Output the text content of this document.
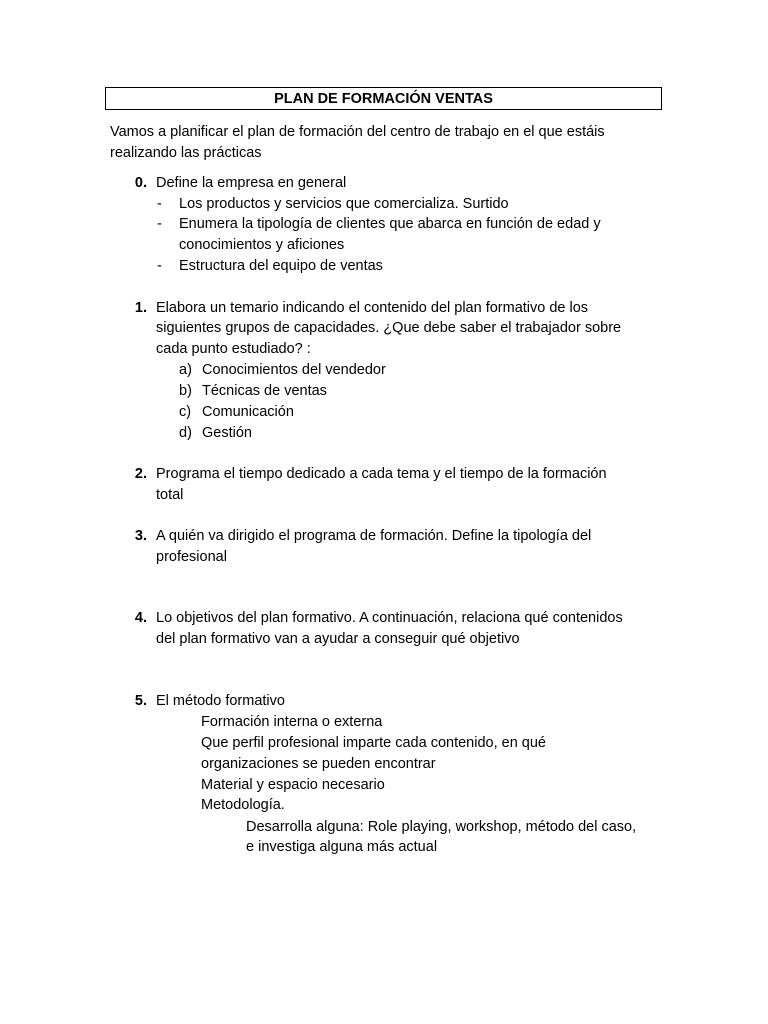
PLAN DE FORMACIÓN VENTAS
Vamos a planificar el plan de formación del centro de trabajo en el que estáis
realizando las prácticas
0. Define la empresa en general
- Los productos y servicios que comercializa. Surtido
- Enumera la tipología de clientes que abarca en función de edad y
conocimientos y aficiones
- Estructura del equipo de ventas
1. Elabora un temario indicando el contenido del plan formativo de los
siguientes grupos de capacidades. ¿Que debe saber el trabajador sobre
cada punto estudiado? :
a) Conocimientos del vendedor
b) Técnicas de ventas
c) Comunicación
d) Gestión
2. Programa el tiempo dedicado a cada tema y el tiempo de la formación
total
3. A quién va dirigido el programa de formación. Define la tipología del
profesional
4. Lo objetivos del plan formativo. A continuación, relaciona qué contenidos
del plan formativo van a ayudar a conseguir qué objetivo
5. El método formativo
Formación interna o externa
Que perfil profesional imparte cada contenido, en qué
organizaciones se pueden encontrar
Material y espacio necesario
Metodología.
Desarrolla alguna: Role playing, workshop, método del caso,
e investiga alguna más actual
